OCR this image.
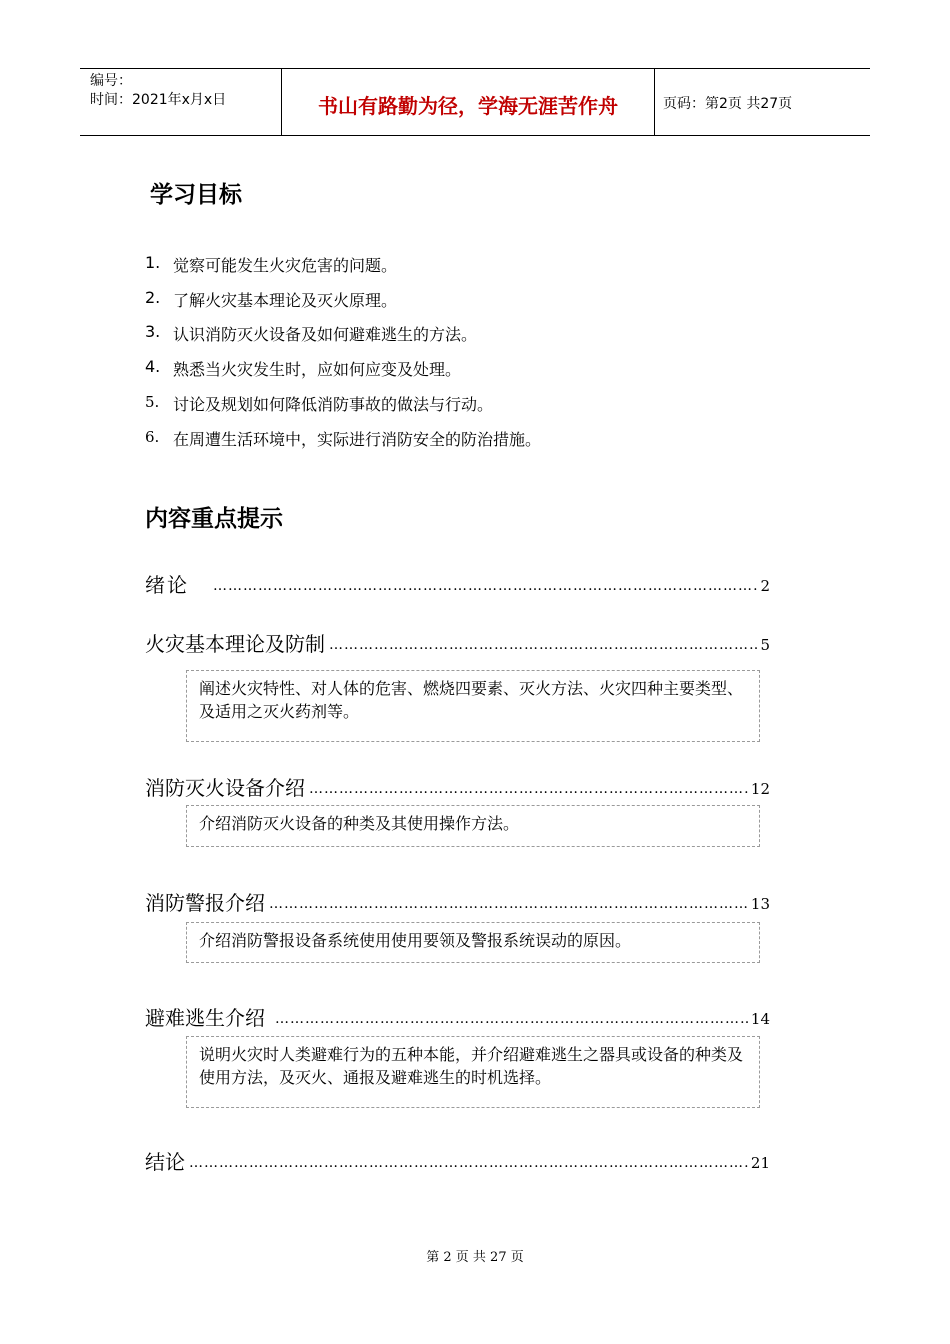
编号：
时间：2021年x月x日	书山有路勤为径，学海无涯苦作舟	页码：第2页 共27页
学习目标
1. 觉察可能发生火灾危害的问题。
2. 了解火灾基本理论及灭火原理。
3. 认识消防灭火设备及如何避难逃生的方法。
4. 熟悉当火灾发生时，应如何应变及处理。
5. 讨论及规划如何降低消防事故的做法与行动。
6. 在周遭生活环境中，实际进行消防安全的防治措施。
内容重点提示
绪论 ……………………………………………………………………………………………………………………………………………………………………………………………………………………	2
火灾基本理论及防制 ……………………………………………………………………………………………………………………………………………………………………………………………………………………	5
阐述火灾特性、对人体的危害、燃烧四要素、灭火方法、火灾四种主要类型、及适用之灭火药剂等。
消防灭火设备介绍 ……………………………………………………………………………………………………………………………………………………………………………………………………………………	12
介绍消防灭火设备的种类及其使用操作方法。
消防警报介绍 ……………………………………………………………………………………………………………………………………………………………………………………………………………………	13
介绍消防警报设备系统使用使用要领及警报系统误动的原因。
避难逃生介绍 ……………………………………………………………………………………………………………………………………………………………………………………………………………………	14
说明火灾时人类避难行为的五种本能，并介绍避难逃生之器具或设备的种类及使用方法，及灭火、通报及避难逃生的时机选择。
结论 ……………………………………………………………………………………………………………………………………………………………………………………………………………………	21
第 2 页 共 27 页
